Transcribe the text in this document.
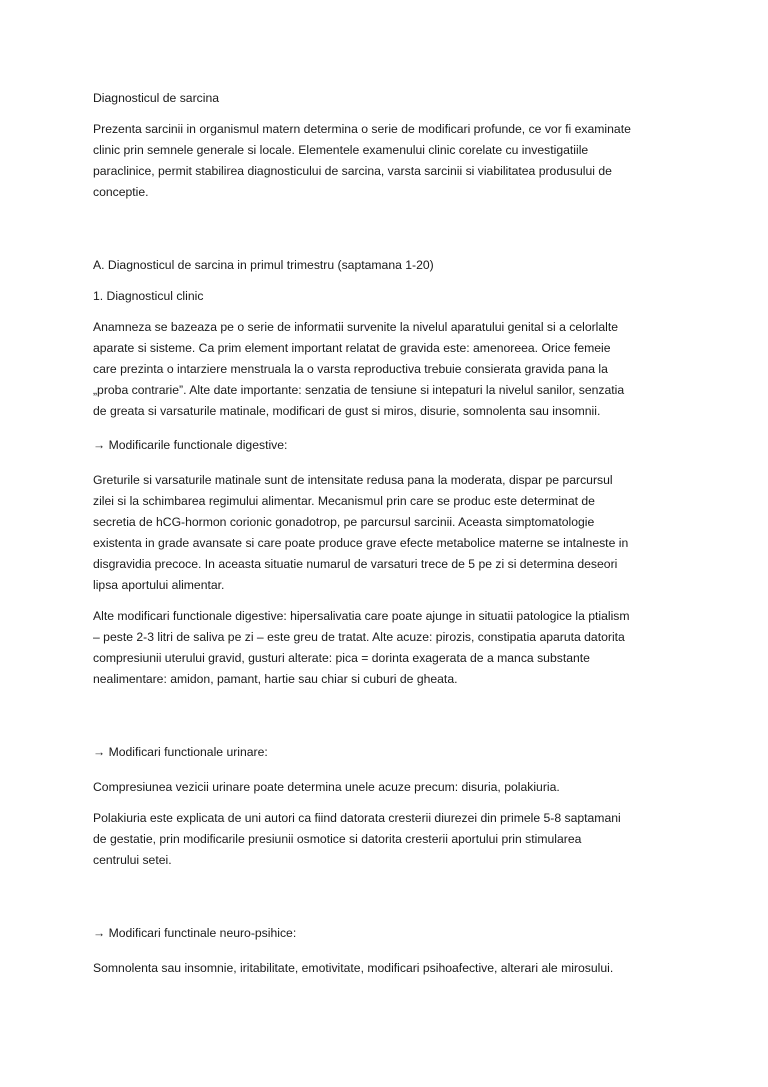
Diagnosticul de sarcina

Prezenta sarcinii in organismul matern determina o serie de modificari profunde, ce vor fi examinate
clinic prin semnele generale si locale. Elementele examenului clinic corelate cu investigatiile
paraclinice, permit stabilirea diagnosticului de sarcina, varsta sarcinii si viabilitatea produsului de
conceptie.

A. Diagnosticul de sarcina in primul trimestru (saptamana 1-20)

1. Diagnosticul clinic

Anamneza se bazeaza pe o serie de informatii survenite la nivelul aparatului genital si a celorlalte
aparate si sisteme. Ca prim element important relatat de gravida este: amenoreea. Orice femeie
care prezinta o intarziere menstruala la o varsta reproductiva trebuie consierata gravida pana la
„proba contrarie”. Alte date importante: senzatia de tensiune si intepaturi la nivelul sanilor, senzatia
de greata si varsaturile matinale, modificari de gust si miros, disurie, somnolenta sau insomnii.

→ Modificarile functionale digestive:

Greturile si varsaturile matinale sunt de intensitate redusa pana la moderata, dispar pe parcursul
zilei si la schimbarea regimului alimentar. Mecanismul prin care se produc este determinat de
secretia de hCG-hormon corionic gonadotrop, pe parcursul sarcinii. Aceasta simptomatologie
existenta in grade avansate si care poate produce grave efecte metabolice materne se intalneste in
disgravidia precoce. In aceasta situatie numarul de varsaturi trece de 5 pe zi si determina deseori
lipsa aportului alimentar.

Alte modificari functionale digestive: hipersalivatia care poate ajunge in situatii patologice la ptialism
– peste 2-3 litri de saliva pe zi – este greu de tratat. Alte acuze: pirozis, constipatia aparuta datorita
compresiunii uterului gravid, gusturi alterate: pica = dorinta exagerata de a manca substante
nealimentare: amidon, pamant, hartie sau chiar si cuburi de gheata.

→ Modificari functionale urinare:

Compresiunea vezicii urinare poate determina unele acuze precum: disuria, polakiuria.

Polakiuria este explicata de uni autori ca fiind datorata cresterii diurezei din primele 5-8 saptamani
de gestatie, prin modificarile presiunii osmotice si datorita cresterii aportului prin stimularea
centrului setei.

→ Modificari functinale neuro-psihice:

Somnolenta sau insomnie, iritabilitate, emotivitate, modificari psihoafective, alterari ale mirosului.
